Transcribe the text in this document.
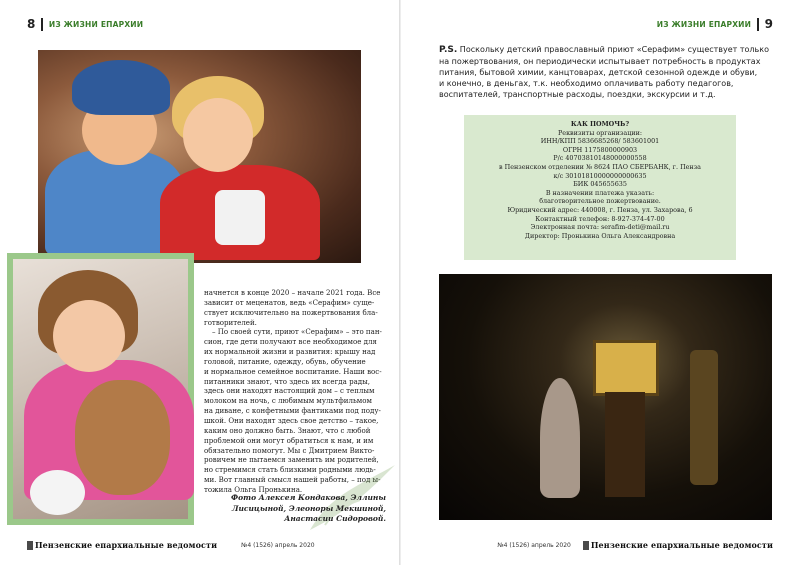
8 ИЗ ЖИЗНИ ЕПАРХИИ	ИЗ ЖИЗНИ ЕПАРХИИ 9

начнется в конце 2020 – начале 2021 года. Все

зависит от меценатов, ведь «Серафим» суще-

ствует исключительно на пожертвования бла-

готворителей.

– По своей сути, приют «Серафим» – это пан-

сион, где дети получают все необходимое для

их нормальной жизни и развития: крышу над

головой, питание, одежду, обувь, обучение

и нормальное семейное воспитание. Наши вос-

питанники знают, что здесь их всегда рады,

здесь они находят настоящий дом – с теплым

молоком на ночь, с любимым мультфильмом

на диване, с конфетными фантиками под поду-

шкой. Они находят здесь свое детство – такое,

каким оно должно быть. Знают, что с любой

проблемой они могут обратиться к нам, и им

обязательно помогут. Мы с Дмитрием Викто-

ровичем не пытаемся заменить им родителей,

но стремимся стать близкими родными людь-

ми. Вот главный смысл нашей работы, – под ы-

тожила Ольга Пронькина.

Фото Алексея Кондакова, Эллины
Лисицыной, Элеоноры Мекшиной,
Анастасии Сидоровой.
P.S. Поскольку детский православный приют «Серафим» существует только
на пожертвования, он периодически испытывает потребность в продуктах
питания, бытовой химии, канцтоварах, детской сезонной одежде и обуви,
и конечно, в деньгах, т.к. необходимо оплачивать работу педагогов,
воспитателей, транспортные расходы, поездки, экскурсии и т.д.
КАК ПОМОЧЬ?
Реквизиты организации:
ИНН/КПП 5836685268/ 583601001
ОГРН 1175800000903
Р/с 40703810148000000558
в Пензенском отделении № 8624 ПАО СБЕРБАНК, г. Пенза
к/с 30101810000000000635
БИК 045655635
В назначении платежа указать:
благотворительное пожертвование.
Юридический адрес: 440008, г. Пенза, ул. Захарова, 6
Контактный телефон: 8-927-374-47-00
Электронная почта: serafim-deti@mail.ru
Директор: Пронькина Ольга Александровна
Пензенские епархиальные ведомости	№4 (1526) апрель 2020	№4 (1526) апрель 2020	Пензенские епархиальные ведомости
